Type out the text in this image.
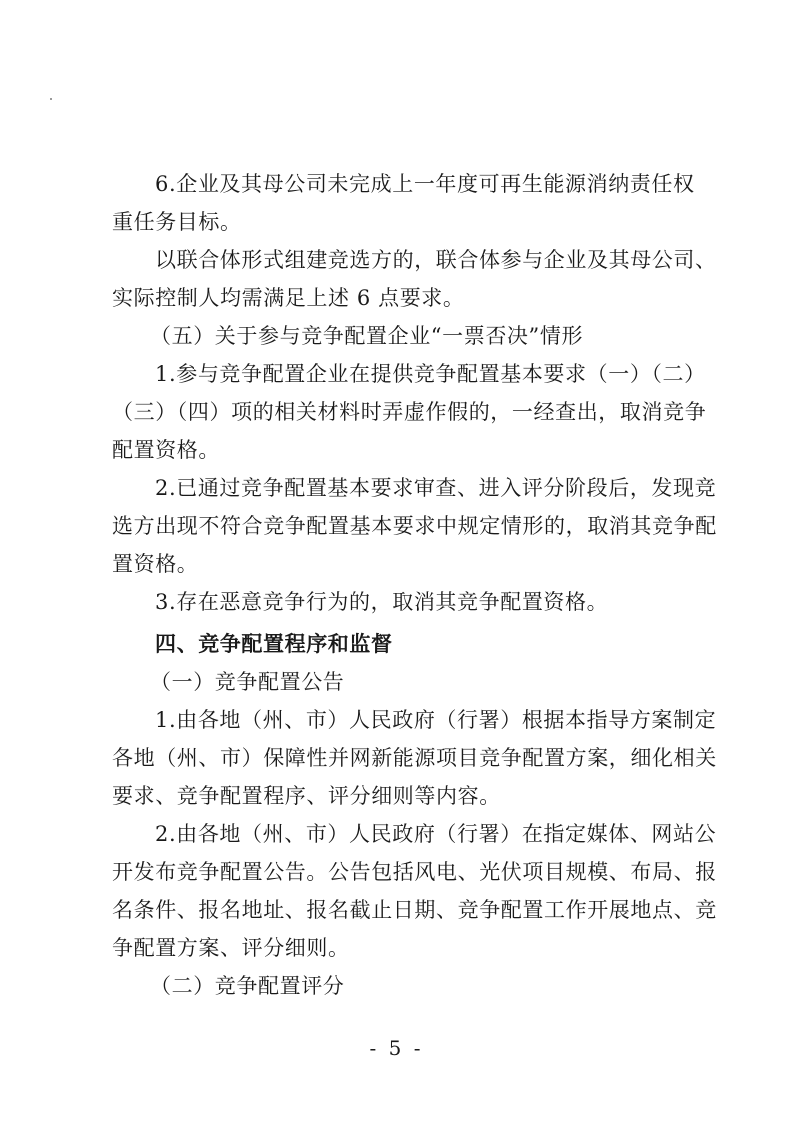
6.企业及其母公司未完成上一年度可再生能源消纳责任权
重任务目标。
以联合体形式组建竞选方的，联合体参与企业及其母公司、
实际控制人均需满足上述 6 点要求。
（五）关于参与竞争配置企业“一票否决”情形
1.参与竞争配置企业在提供竞争配置基本要求（一）（二）
（三）（四）项的相关材料时弄虚作假的，一经查出，取消竞争
配置资格。
2.已通过竞争配置基本要求审查、进入评分阶段后，发现竞
选方出现不符合竞争配置基本要求中规定情形的，取消其竞争配
置资格。
3.存在恶意竞争行为的，取消其竞争配置资格。
四、竞争配置程序和监督
（一）竞争配置公告
1.由各地（州、市）人民政府（行署）根据本指导方案制定
各地（州、市）保障性并网新能源项目竞争配置方案，细化相关
要求、竞争配置程序、评分细则等内容。
2.由各地（州、市）人民政府（行署）在指定媒体、网站公
开发布竞争配置公告。公告包括风电、光伏项目规模、布局、报
名条件、报名地址、报名截止日期、竞争配置工作开展地点、竞
争配置方案、评分细则。
（二）竞争配置评分
- 5 -
